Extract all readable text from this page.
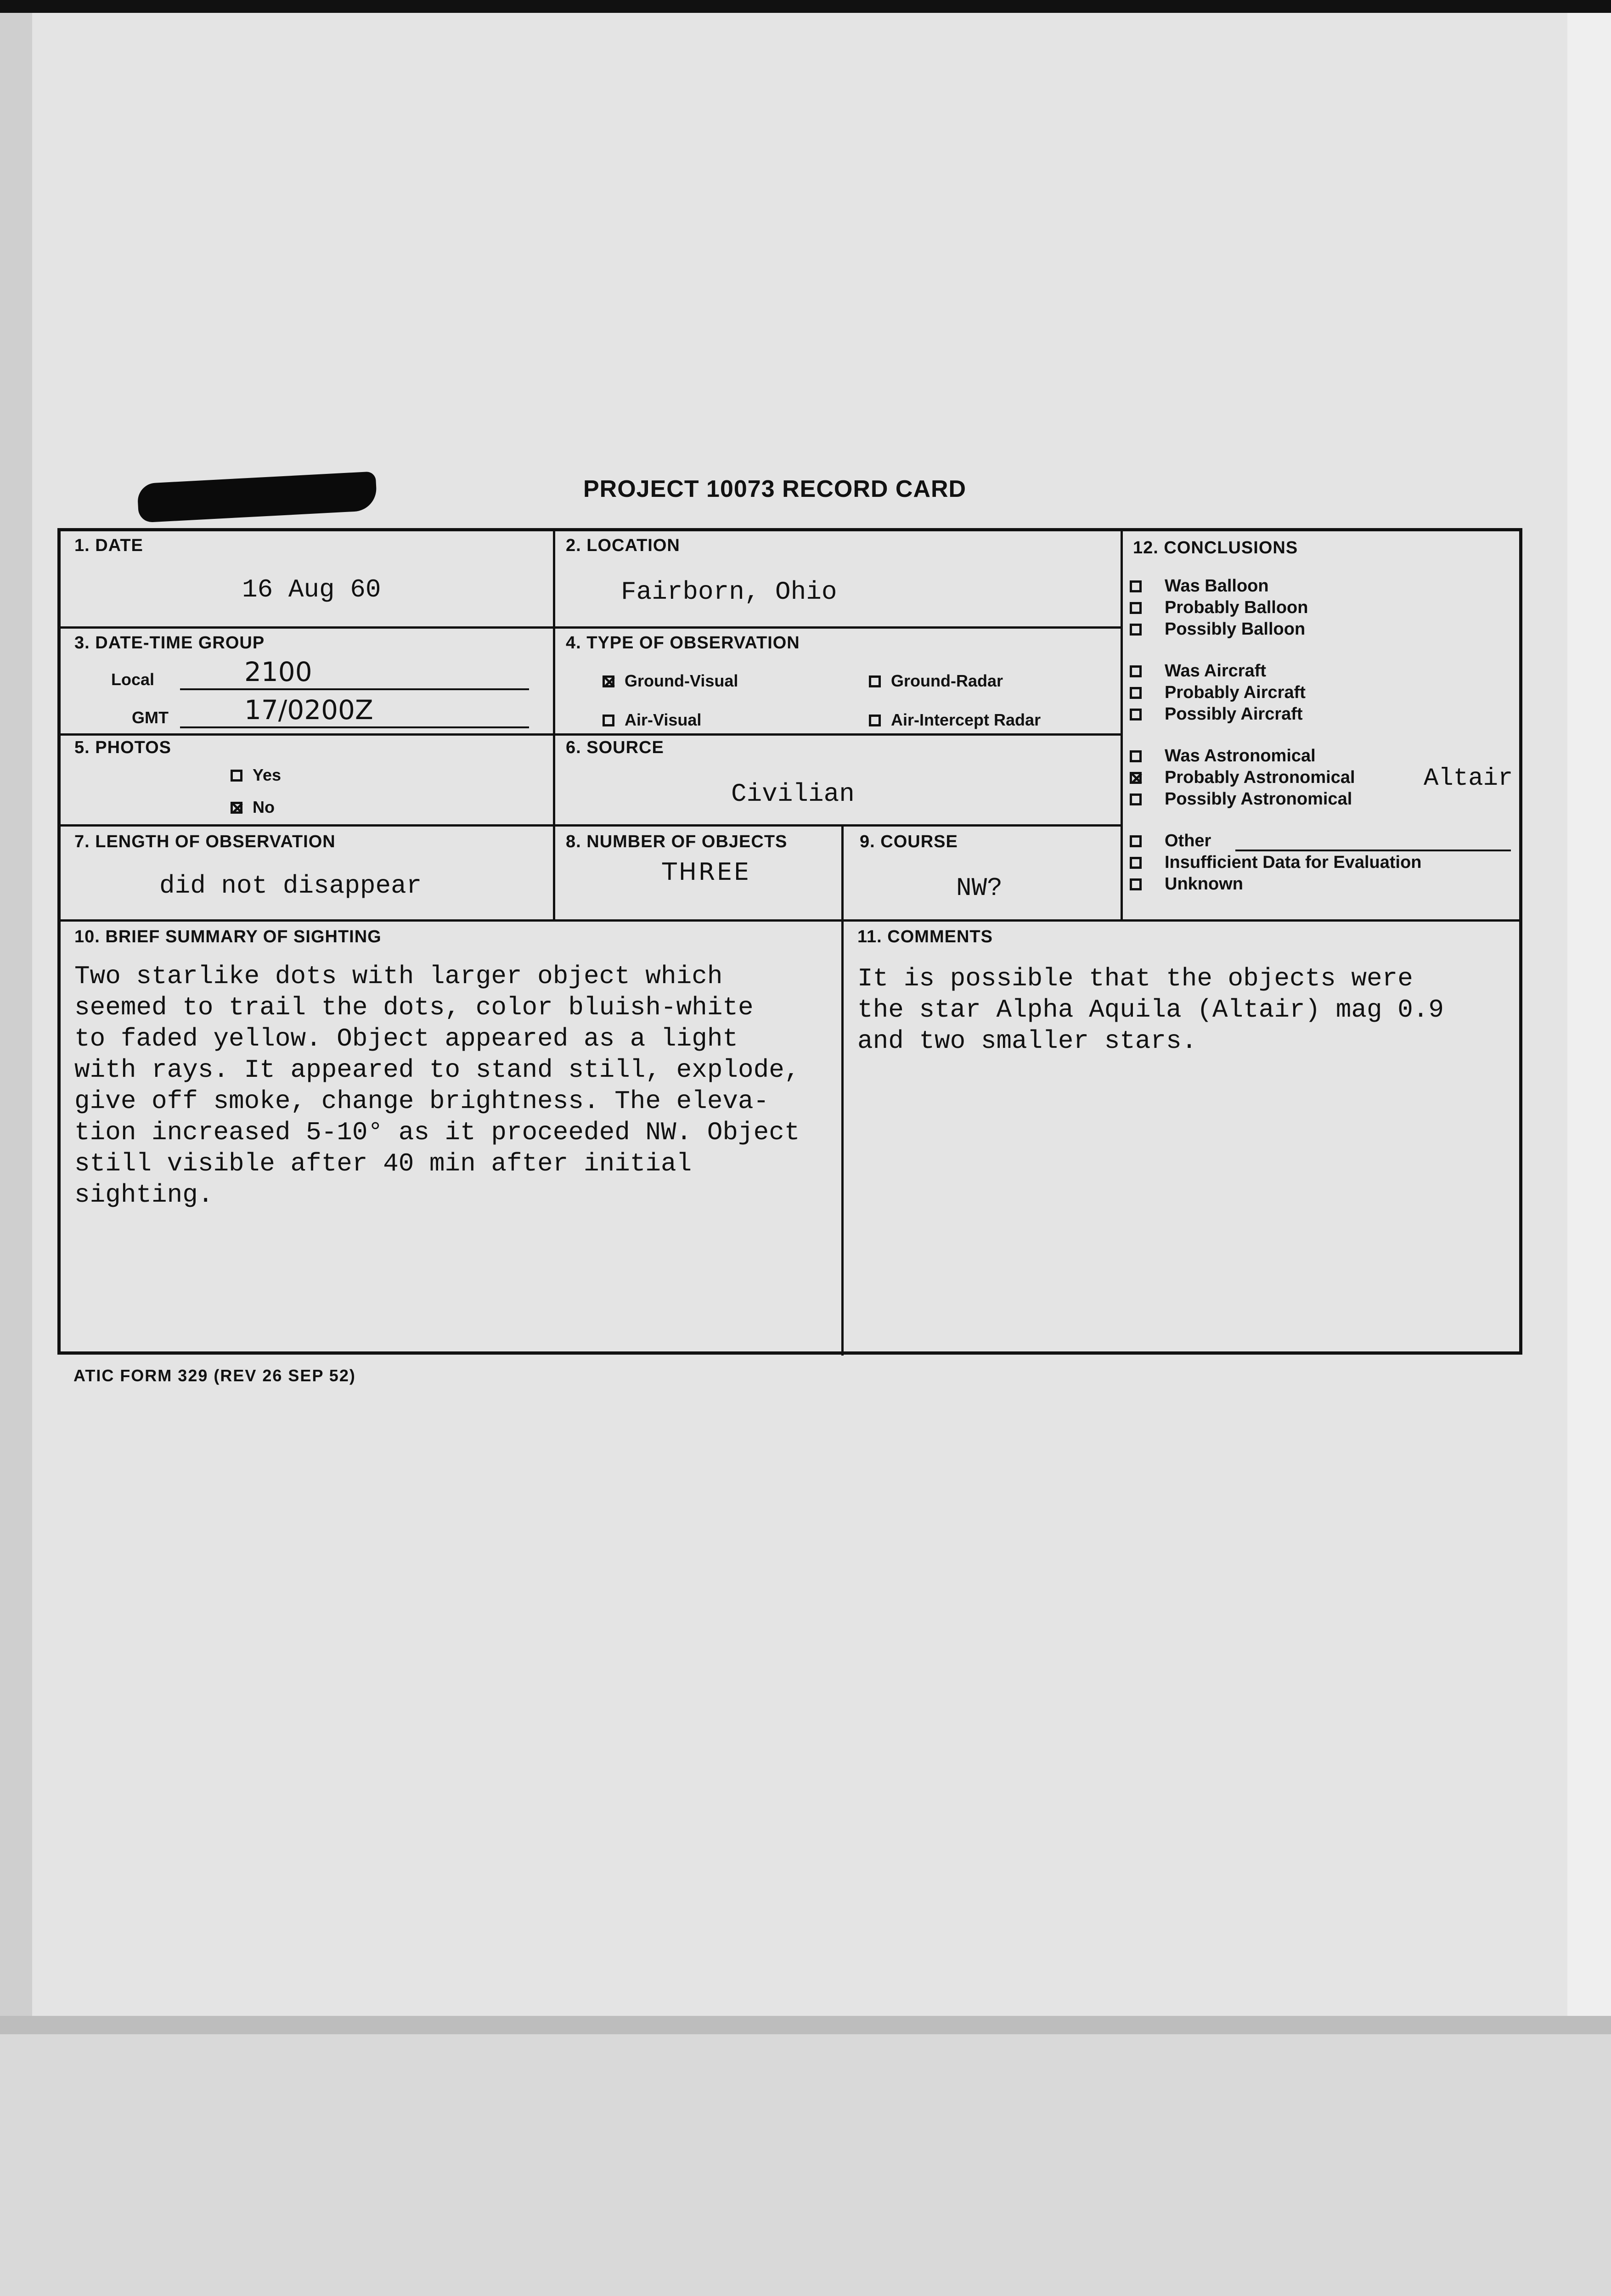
PROJECT 10073 RECORD CARD
1. DATE
16 Aug 60
2. LOCATION
Fairborn, Ohio
3. DATE-TIME GROUP
Local	2100
GMT	17/0200Z
4. TYPE OF OBSERVATION
✕Ground-Visual	Ground-Radar
Air-Visual	Air-Intercept Radar
5. PHOTOS
Yes
✕No
6. SOURCE
Civilian
7. LENGTH OF OBSERVATION
did not disappear
8. NUMBER OF OBJECTS
THREE
9. COURSE
NW?
12. CONCLUSIONS
10. BRIEF SUMMARY OF SIGHTING
Two starlike dots with larger object which
seemed to trail the dots, color bluish-white
to faded yellow. Object appeared as a light
with rays. It appeared to stand still, explode,
give off smoke, change brightness. The eleva-
tion increased 5-10° as it proceeded NW. Object
still visible after 40 min after initial
sighting.
11. COMMENTS
It is possible that the objects were
the star Alpha Aquila (Altair) mag 0.9
and two smaller stars.
Was Balloon
Probably Balloon
Possibly Balloon
Was Aircraft
Probably Aircraft
Possibly Aircraft
Was Astronomical
✕Probably Astronomical
Possibly Astronomical
Altair
Other
Insufficient Data for Evaluation
Unknown
ATIC FORM 329 (REV 26 SEP 52)
